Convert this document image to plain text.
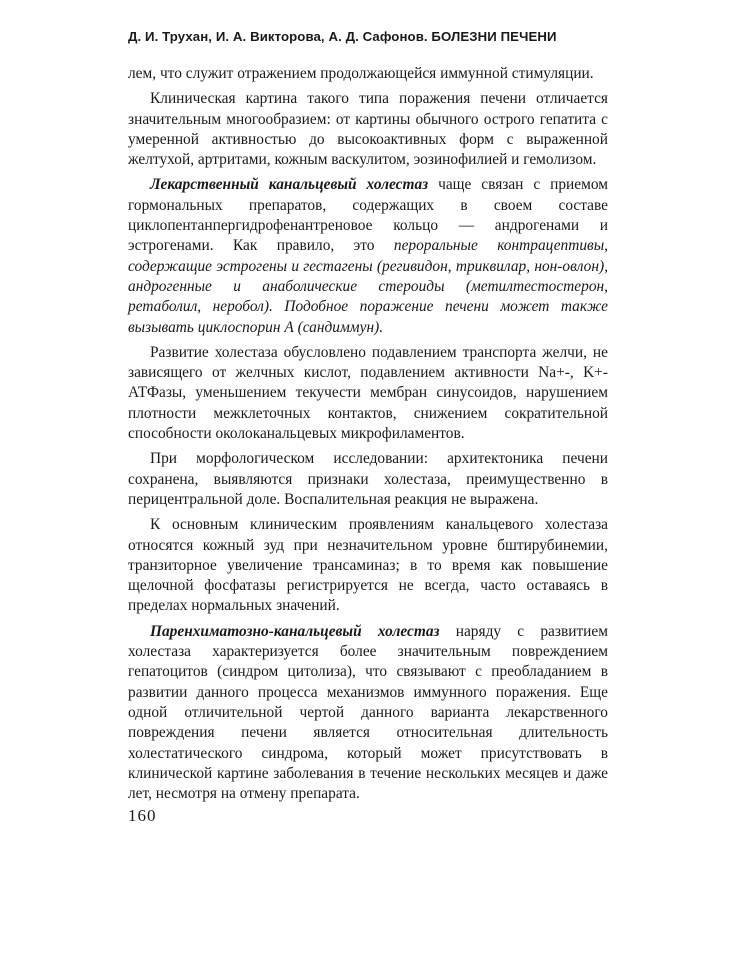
Д. И. Трухан, И. А. Викторова, А. Д. Сафонов. БОЛЕЗНИ ПЕЧЕНИ

лем, что служит отражением продолжающейся иммунной стимуляции.

Клиническая картина такого типа поражения печени отличается значительным многообразием: от картины обычного острого гепатита с умеренной активностью до высокоактивных форм с выраженной желтухой, артритами, кожным васкулитом, эозинофилией и гемолизом.

Лекарственный канальцевый холестаз чаще связан с приемом гормональных препаратов, содержащих в своем составе циклопентанпергидрофенантреновое кольцо — андрогенами и эстрогенами. Как правило, это пероральные контрацептивы, содержащие эстрогены и гестагены (регивидон, триквилар, нон-овлон), андрогенные и анаболические стероиды (метилтестостерон, ретаболил, неробол). Подобное поражение печени может также вызывать циклоспорин А (сандиммун).

Развитие холестаза обусловлено подавлением транспорта желчи, не зависящего от желчных кислот, подавлением активности Na+-, K+-АТФазы, уменьшением текучести мембран синусоидов, нарушением плотности межклеточных контактов, снижением сократительной способности околоканальцевых микрофиламентов.

При морфологическом исследовании: архитектоника печени сохранена, выявляются признаки холестаза, преимущественно в перицентральной доле. Воспалительная реакция не выражена.

К основным клиническим проявлениям канальцевого холестаза относятся кожный зуд при незначительном уровне бштирубинемии, транзиторное увеличение трансаминаз; в то время как повышение щелочной фосфатазы регистрируется не всегда, часто оставаясь в пределах нормальных значений.

Паренхиматозно-канальцевый холестаз наряду с развитием холестаза характеризуется более значительным повреждением гепатоцитов (синдром цитолиза), что связывают с преобладанием в развитии данного процесса механизмов иммунного поражения. Еще одной отличительной чертой данного варианта лекарственного повреждения печени является относительная длительность холестатического синдрома, который может присутствовать в клинической картине заболевания в течение нескольких месяцев и даже лет, несмотря на отмену препарата.

160
